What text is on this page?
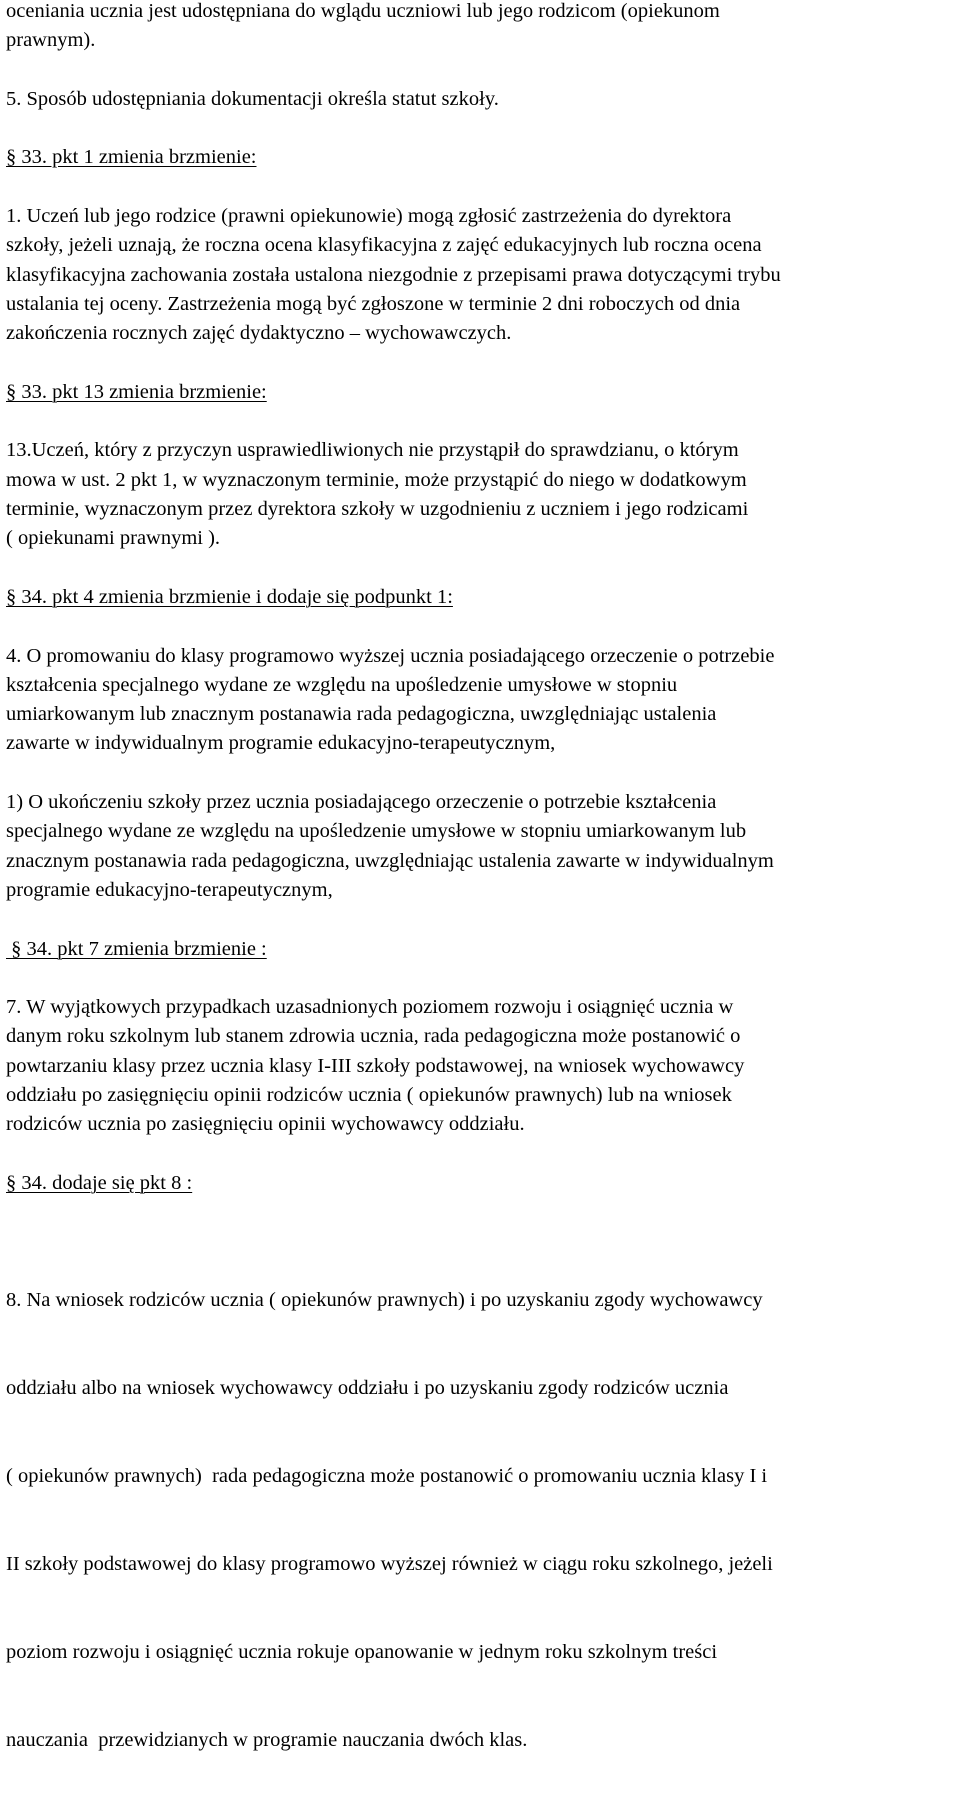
oceniania ucznia jest udostępniana do wglądu uczniowi lub jego rodzicom (opiekunom
prawnym).
5. Sposób udostępniania dokumentacji określa statut szkoły.
§ 33. pkt 1 zmienia brzmienie:
1. Uczeń lub jego rodzice (prawni opiekunowie) mogą zgłosić zastrzeżenia do dyrektora
szkoły, jeżeli uznają, że roczna ocena klasyfikacyjna z zajęć edukacyjnych lub roczna ocena
klasyfikacyjna zachowania została ustalona niezgodnie z przepisami prawa dotyczącymi trybu
ustalania tej oceny. Zastrzeżenia mogą być zgłoszone w terminie 2 dni roboczych od dnia
zakończenia rocznych zajęć dydaktyczno – wychowawczych.
§ 33. pkt 13 zmienia brzmienie:
13.Uczeń, który z przyczyn usprawiedliwionych nie przystąpił do sprawdzianu, o którym
mowa w ust. 2 pkt 1, w wyznaczonym terminie, może przystąpić do niego w dodatkowym
terminie, wyznaczonym przez dyrektora szkoły w uzgodnieniu z uczniem i jego rodzicami
( opiekunami prawnymi ).
§ 34. pkt 4 zmienia brzmienie i dodaje się podpunkt 1:
4. O promowaniu do klasy programowo wyższej ucznia posiadającego orzeczenie o potrzebie
kształcenia specjalnego wydane ze względu na upośledzenie umysłowe w stopniu
umiarkowanym lub znacznym postanawia rada pedagogiczna, uwzględniając ustalenia
zawarte w indywidualnym programie edukacyjno-terapeutycznym,
1) O ukończeniu szkoły przez ucznia posiadającego orzeczenie o potrzebie kształcenia
specjalnego wydane ze względu na upośledzenie umysłowe w stopniu umiarkowanym lub
znacznym postanawia rada pedagogiczna, uwzględniając ustalenia zawarte w indywidualnym
programie edukacyjno-terapeutycznym,
§ 34. pkt 7 zmienia brzmienie :
7. W wyjątkowych przypadkach uzasadnionych poziomem rozwoju i osiągnięć ucznia w
danym roku szkolnym lub stanem zdrowia ucznia, rada pedagogiczna może postanowić o
powtarzaniu klasy przez ucznia klasy I-III szkoły podstawowej, na wniosek wychowawcy
oddziału po zasięgnięciu opinii rodziców ucznia ( opiekunów prawnych) lub na wniosek
rodziców ucznia po zasięgnięciu opinii wychowawcy oddziału.
§ 34. dodaje się pkt 8 :

8. Na wniosek rodziców ucznia ( opiekunów prawnych) i po uzyskaniu zgody wychowawcy

oddziału albo na wniosek wychowawcy oddziału i po uzyskaniu zgody rodziców ucznia

( opiekunów prawnych)  rada pedagogiczna może postanowić o promowaniu ucznia klasy I i

II szkoły podstawowej do klasy programowo wyższej również w ciągu roku szkolnego, jeżeli

poziom rozwoju i osiągnięć ucznia rokuje opanowanie w jednym roku szkolnym treści

nauczania  przewidzianych w programie nauczania dwóch klas.
